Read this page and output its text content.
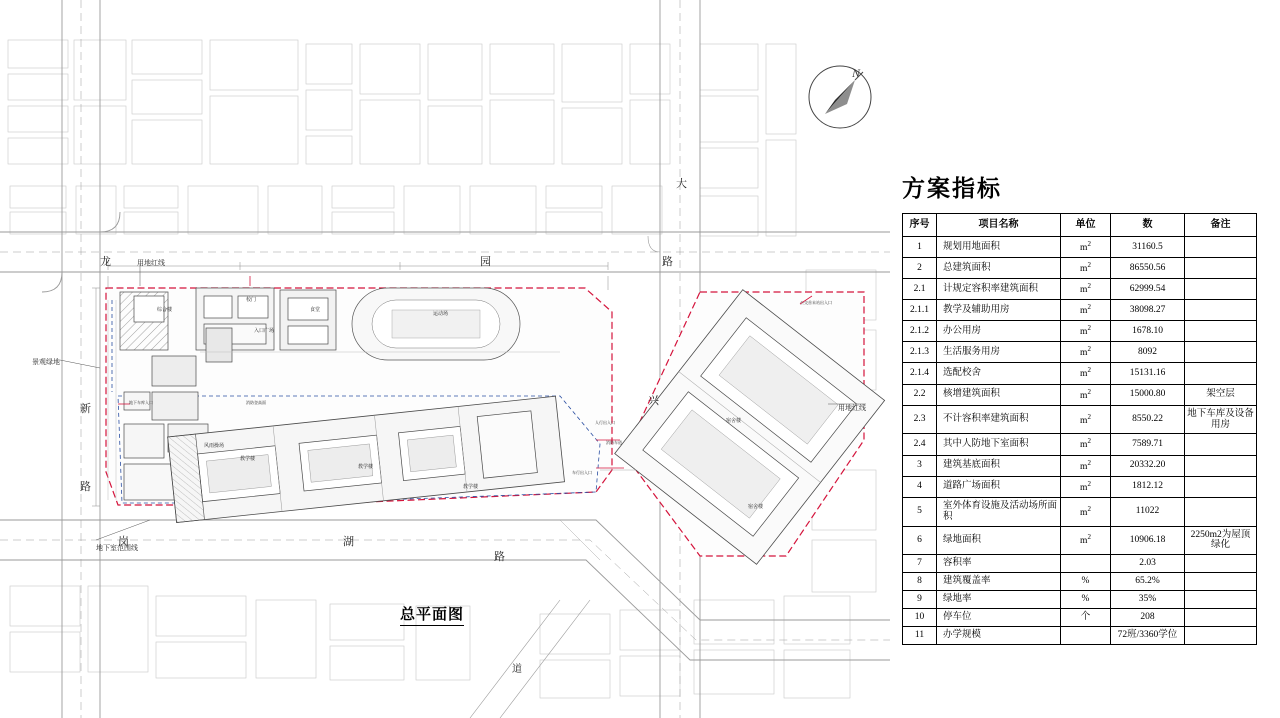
N
大
龙	园	路
用地红线
用地红线
新
路
岗	湖
路
兴
景观绿地
地下室范围线
道
教学楼
教学楼
教学楼
宿舍楼
宿舍楼
风雨操场
运动场
综合楼	食堂
校门
入口广场
地下车库入口	消防登高面
人行出入口
车行出入口
公交首末站出入口
消防车道
总平面图
方案指标
序号	项目名称	单位	数	备注
1	规划用地面积	$m^2$	31160.5	
2	总建筑面积	$m^2$	86550.56	
2.1	计规定容积率建筑面积	$m^2$	62999.54	
2.1.1	教学及辅助用房	$m^2$	38098.27	
2.1.2	办公用房	$m^2$	1678.10	
2.1.3	生活服务用房	$m^2$	8092	
2.1.4	选配校舍	$m^2$	15131.16	
2.2	核增建筑面积	$m^2$	15000.80	架空层
2.3	不计容积率建筑面积	$m^2$	8550.22	地下车库及设备用房
2.4	其中人防地下室面积	$m^2$	7589.71	
3	建筑基底面积	$m^2$	20332.20	
4	道路广场面积	$m^2$	1812.12	
5	室外体育设施及活动场所面积	$m^2$	11022	
6	绿地面积	$m^2$	10906.18	2250m2为屋顶绿化
7	容积率		2.03	
8	建筑覆盖率	%	65.2%	
9	绿地率	%	35%	
10	停车位	个	208	
11	办学规模		72班/3360学位	
